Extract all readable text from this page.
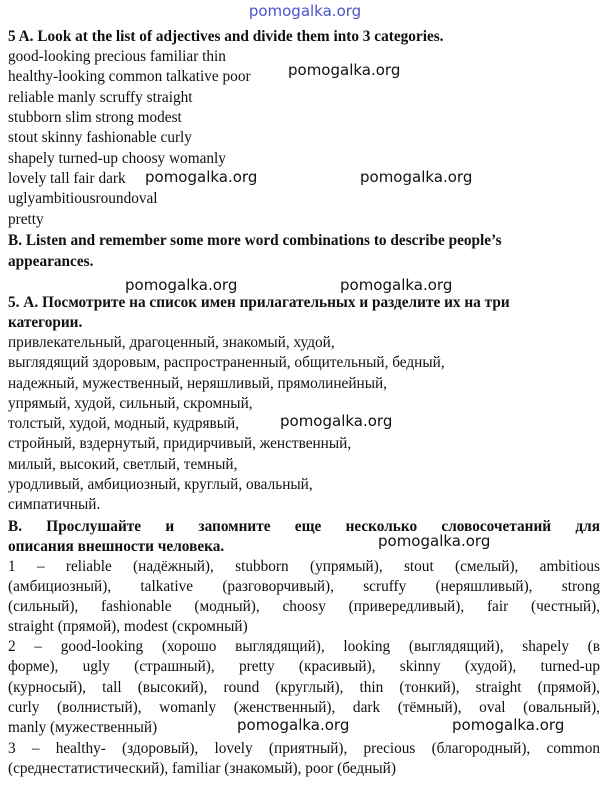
pomogalka.org
5 A. Look at the list of adjectives and divide them into 3 categories.
good-looking precious familiar thin
healthy-looking common talkative poor
reliable manly scruffy straight
stubborn slim strong modest
stout skinny fashionable curly
shapely turned-up choosy womanly
lovely tall fair dark
uglyambitiousroundoval
pretty
B. Listen and remember some more word combinations to describe people’s
appearances.
5. А. Посмотрите на список имен прилагательных и разделите их на три
категории.
привлекательный, драгоценный, знакомый, худой,
выглядящий здоровым, распространенный, общительный, бедный,
надежный, мужественный, неряшливый, прямолинейный,
упрямый, худой, сильный, скромный,
толстый, худой, модный, кудрявый,
стройный, вздернутый, придирчивый, женственный,
милый, высокий, светлый, темный,
уродливый, амбициозный, круглый, овальный,
симпатичный.
В. Прослушайте и запомните еще несколько словосочетаний для
описания внешности человека.
1 – reliable (надёжный), stubborn (упрямый), stout (смелый), ambitious
(амбициозный), talkative (разговорчивый), scruffy (неряшливый), strong
(сильный), fashionable (модный), choosy (привередливый), fair (честный),
straight (прямой), modest (скромный)
2 – good-looking (хорошо выглядящий), looking (выглядящий), shapely (в
форме), ugly (страшный), pretty (красивый), skinny (худой), turned-up
(курносый), tall (высокий), round (круглый), thin (тонкий), straight (прямой),
curly (волнистый), womanly (женственный), dark (тёмный), oval (овальный),
manly (мужественный)
3 – healthy- (здоровый), lovely (приятный), precious (благородный), common
(среднестатистический), familiar (знакомый), poor (бедный)
pomogalka.org
pomogalka.org	pomogalka.org
pomogalka.org	pomogalka.org
pomogalka.org
pomogalka.org
pomogalka.org	pomogalka.org
